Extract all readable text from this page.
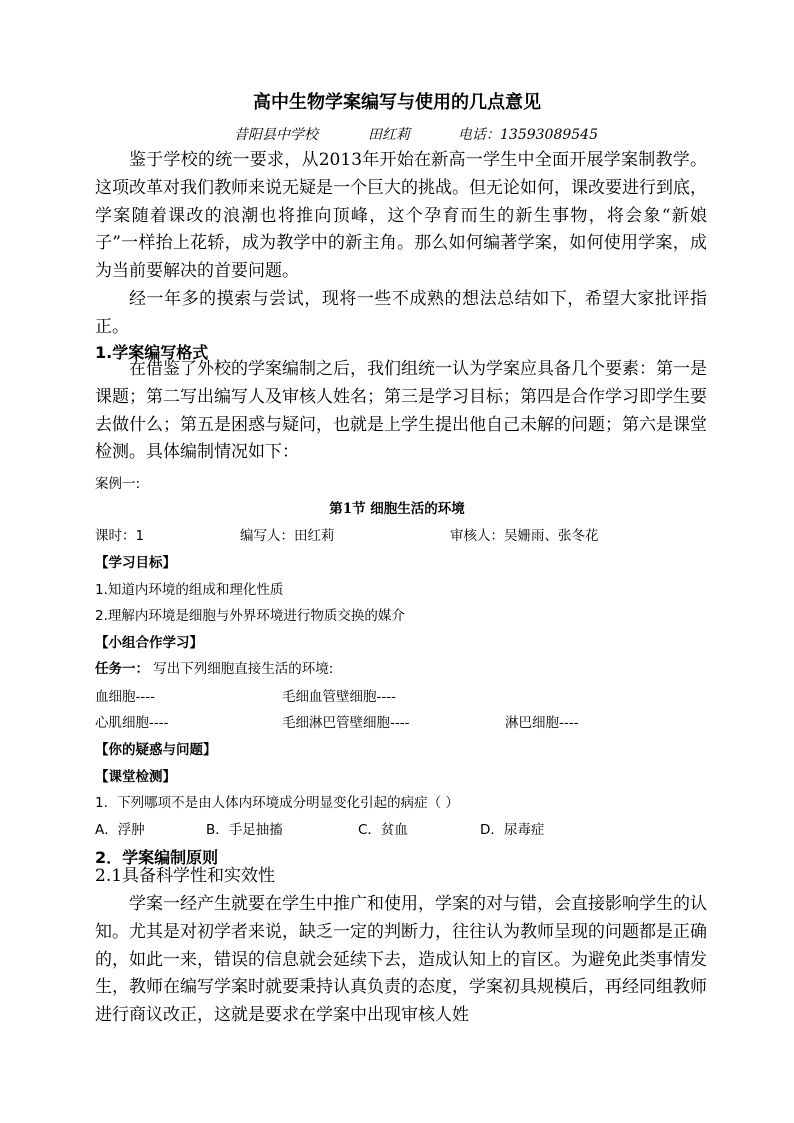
高中生物学案编写与使用的几点意见
昔阳县中学校	田红莉	电话：13593089545
鉴于学校的统一要求，从2013年开始在新高一学生中全面开展学案制教学。这项改革对我们教师来说无疑是一个巨大的挑战。但无论如何，课改要进行到底，学案随着课改的浪潮也将推向顶峰，这个孕育而生的新生事物，将会象“新娘子”一样抬上花轿，成为教学中的新主角。那么如何编著学案，如何使用学案，成为当前要解决的首要问题。
经一年多的摸索与尝试，现将一些不成熟的想法总结如下，希望大家批评指正。
1.学案编写格式
在借鉴了外校的学案编制之后，我们组统一认为学案应具备几个要素：第一是课题；第二写出编写人及审核人姓名；第三是学习目标；第四是合作学习即学生要去做什么；第五是困惑与疑问，也就是上学生提出他自己未解的问题；第六是课堂检测。具体编制情况如下：
案例一:
第1节 细胞生活的环境
课时：1	编写人：田红莉	审核人：吴姗雨、张冬花
【学习目标】
1.知道内环境的组成和理化性质
2.理解内环境是细胞与外界环境进行物质交换的媒介
【小组合作学习】
任务一： 写出下列细胞直接生活的环境:
血细胞----	毛细血管壁细胞----
心肌细胞----	毛细淋巴管壁细胞----	淋巴细胞----
【你的疑惑与问题】
【课堂检测】
1．下列哪项不是由人体内环境成分明显变化引起的病症（ ）
A．浮肿	B．手足抽搐	C．贫血	D．尿毒症
2．学案编制原则
2.1具备科学性和实效性
学案一经产生就要在学生中推广和使用，学案的对与错，会直接影响学生的认知。尤其是对初学者来说，缺乏一定的判断力，往往认为教师呈现的问题都是正确的，如此一来，错误的信息就会延续下去，造成认知上的盲区。为避免此类事情发生，教师在编写学案时就要秉持认真负责的态度，学案初具规模后，再经同组教师进行商议改正，这就是要求在学案中出现审核人姓
